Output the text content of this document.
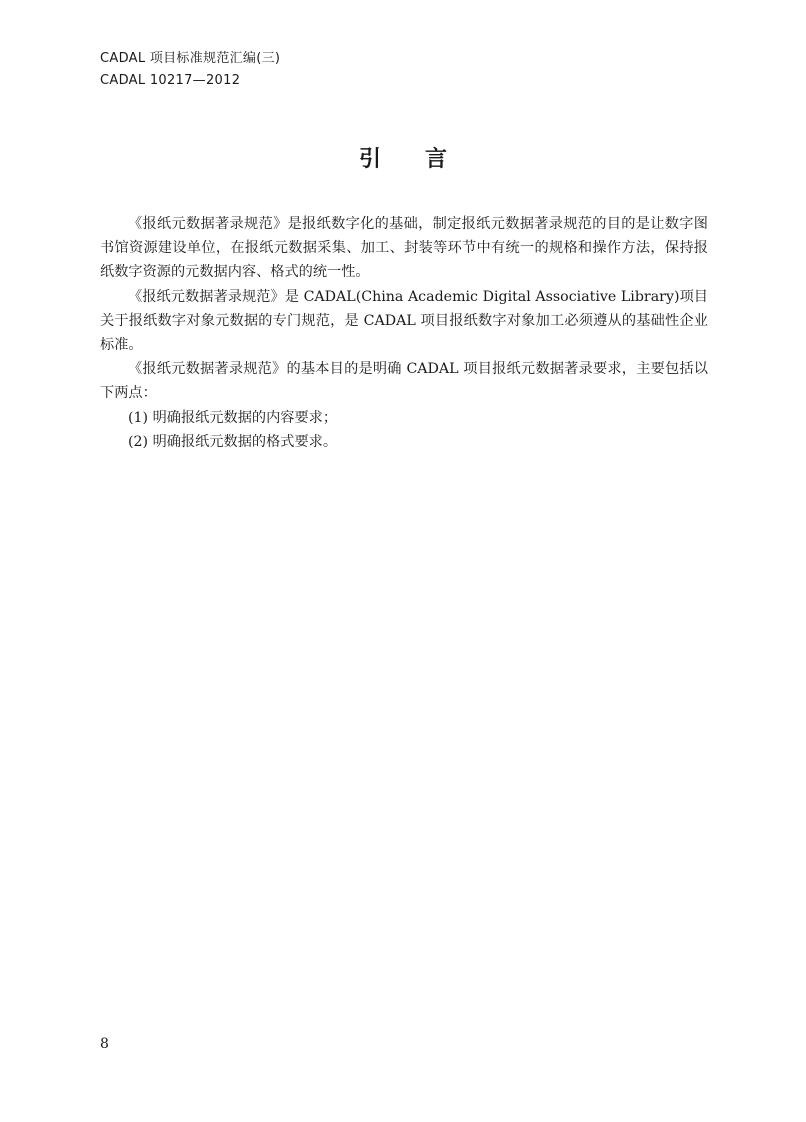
CADAL 项目标准规范汇编(三)
CADAL 10217—2012
引言

《报纸元数据著录规范》是报纸数字化的基础，制定报纸元数据著录规范的目的是让数字图书馆资源建设单位，在报纸元数据采集、加工、封装等环节中有统一的规格和操作方法，保持报纸数字资源的元数据内容、格式的统一性。

《报纸元数据著录规范》是 CADAL(China Academic Digital Associative Library)项目关于报纸数字对象元数据的专门规范，是 CADAL 项目报纸数字对象加工必须遵从的基础性企业标准。

《报纸元数据著录规范》的基本目的是明确 CADAL 项目报纸元数据著录要求，主要包括以下两点：

(1) 明确报纸元数据的内容要求；

(2) 明确报纸元数据的格式要求。

8
